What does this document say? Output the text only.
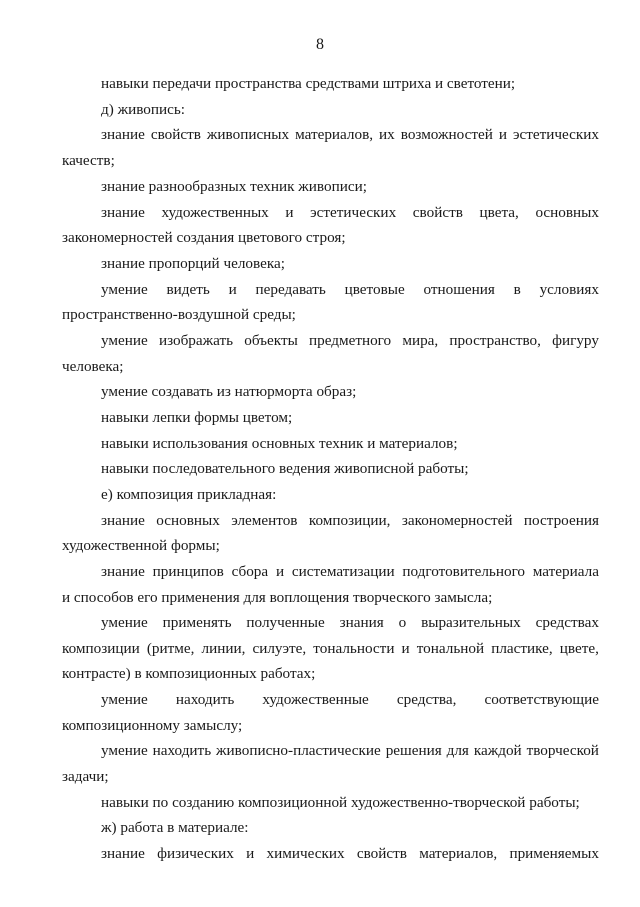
8
навыки передачи пространства средствами штриха и светотени;
д) живопись:
знание свойств живописных материалов, их возможностей и эстетических
качеств;
знание разнообразных техник живописи;
знание художественных и эстетических свойств цвета, основных
закономерностей создания цветового строя;
знание пропорций человека;
умение видеть и передавать цветовые отношения в условиях
пространственно-воздушной среды;
умение изображать объекты предметного мира, пространство, фигуру
человека;
умение создавать из натюрморта образ;
навыки лепки формы цветом;
навыки использования основных техник и материалов;
навыки последовательного ведения живописной работы;
е) композиция прикладная:
знание основных элементов композиции, закономерностей построения
художественной формы;
знание принципов сбора и систематизации подготовительного материала
и способов его применения для воплощения творческого замысла;
умение применять полученные знания о выразительных средствах
композиции (ритме, линии, силуэте, тональности и тональной пластике, цвете,
контрасте) в композиционных работах;
умение находить художественные средства, соответствующие
композиционному замыслу;
умение находить живописно-пластические решения для каждой творческой
задачи;
навыки по созданию композиционной художественно-творческой работы;
ж) работа в материале:
знание физических и химических свойств материалов, применяемых
